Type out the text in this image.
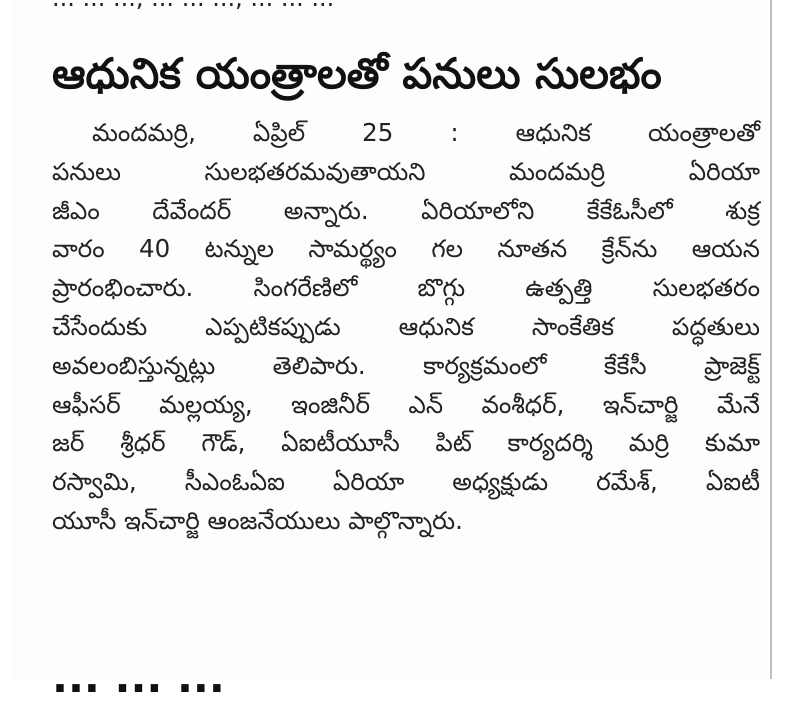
ఆధునిక యంత్రాలతో పనులు సులభం
మందమర్రి, ఏప్రిల్ 25 : ఆధునిక యంత్రాలతో
పనులు సులభతరమవుతాయని మందమర్రి ఏరియా
జీఎం దేవేందర్ అన్నారు. ఏరియాలోని కేకేఓసీలో శుక్ర
వారం 40 టన్నుల సామర్థ్యం గల నూతన క్రేన్‌ను ఆయన
ప్రారంభించారు. సింగరేణిలో బొగ్గు ఉత్పత్తి సులభతరం
చేసేందుకు ఎప్పటికప్పుడు ఆధునిక సాంకేతిక పద్ధతులు
అవలంబిస్తున్నట్లు తెలిపారు. కార్యక్రమంలో కేకేసీ ప్రాజెక్ట్
ఆఫీసర్ మల్లయ్య, ఇంజినీర్ ఎన్ వంశీధర్, ఇన్‌చార్జి మేనే
జర్ శ్రీధర్ గౌడ్, ఏఐటీయూసీ పిట్ కార్యదర్శి మర్రి కుమా
రస్వామి, సీఎంఓఏఐ ఏరియా అధ్యక్షుడు రమేశ్, ఏఐటీ
యూసీ ఇన్‌చార్జి ఆంజనేయులు పాల్గొన్నారు.
... ... ...
